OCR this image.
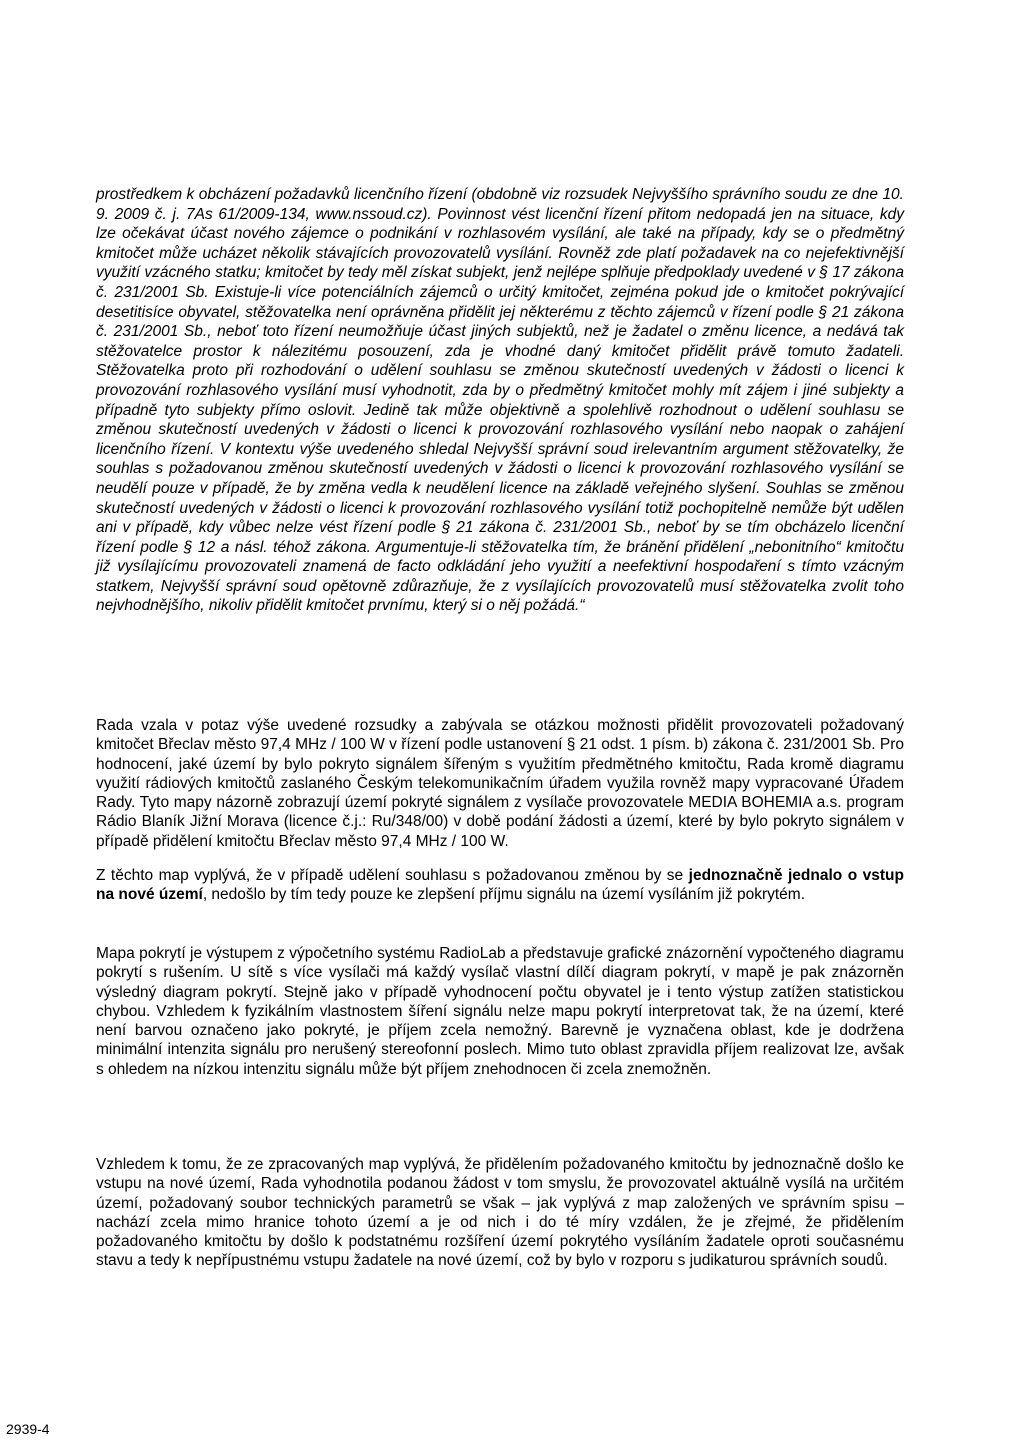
prostředkem k obcházení požadavků licenčního řízení (obdobně viz rozsudek Nejvyššího správního soudu ze dne 10. 9. 2009 č. j. 7As 61/2009-134, www.nssoud.cz). Povinnost vést licenční řízení přitom nedopadá jen na situace, kdy lze očekávat účast nového zájemce o podnikání v rozhlasovém vysílání, ale také na případy, kdy se o předmětný kmitočet může ucházet několik stávajících provozovatelů vysílání. Rovněž zde platí požadavek na co nejefektivnější využití vzácného statku; kmitočet by tedy měl získat subjekt, jenž nejlépe splňuje předpoklady uvedené v § 17 zákona č. 231/2001 Sb. Existuje-li více potenciálních zájemců o určitý kmitočet, zejména pokud jde o kmitočet pokrývající desetitisíce obyvatel, stěžovatelka není oprávněna přidělit jej některému z těchto zájemců v řízení podle § 21 zákona č. 231/2001 Sb., neboť toto řízení neumožňuje účast jiných subjektů, než je žadatel o změnu licence, a nedává tak stěžovatelce prostor k nálezitému posouzení, zda je vhodné daný kmitočet přidělit právě tomuto žadateli. Stěžovatelka proto při rozhodování o udělení souhlasu se změnou skutečností uvedených v žádosti o licenci k provozování rozhlasového vysílání musí vyhodnotit, zda by o předmětný kmitočet mohly mít zájem i jiné subjekty a případně tyto subjekty přímo oslovit. Jedině tak může objektivně a spolehlivě rozhodnout o udělení souhlasu se změnou skutečností uvedených v žádosti o licenci k provozování rozhlasového vysílání nebo naopak o zahájení licenčního řízení. V kontextu výše uvedeného shledal Nejvyšší správní soud irelevantním argument stěžovatelky, že souhlas s požadovanou změnou skutečností uvedených v žádosti o licenci k provozování rozhlasového vysílání se neudělí pouze v případě, že by změna vedla k neudělení licence na základě veřejného slyšení. Souhlas se změnou skutečností uvedených v žádosti o licenci k provozování rozhlasového vysílání totiž pochopitelně nemůže být udělen ani v případě, kdy vůbec nelze vést řízení podle § 21 zákona č. 231/2001 Sb., neboť by se tím obcházelo licenční řízení podle § 12 a násl. téhož zákona. Argumentuje-li stěžovatelka tím, že bránění přidělení „nebonitního“ kmitočtu již vysílajícímu provozovateli znamená de facto odkládání jeho využití a neefektivní hospodaření s tímto vzácným statkem, Nejvyšší správní soud opětovně zdůrazňuje, že z vysílajících provozovatelů musí stěžovatelka zvolit toho nejvhodnějšího, nikoliv přidělit kmitočet prvnímu, který si o něj požádá.“
Rada vzala v potaz výše uvedené rozsudky a zabývala se otázkou možnosti přidělit provozovateli požadovaný kmitočet Břeclav město 97,4 MHz / 100 W v řízení podle ustanovení § 21 odst. 1 písm. b) zákona č. 231/2001 Sb. Pro hodnocení, jaké území by bylo pokryto signálem šířeným s využitím předmětného kmitočtu, Rada kromě diagramu využití rádiových kmitočtů zaslaného Českým telekomunikačním úřadem využila rovněž mapy vypracované Úřadem Rady. Tyto mapy názorně zobrazují území pokryté signálem z vysílače provozovatele MEDIA BOHEMIA a.s. program Rádio Blaník Jižní Morava (licence č.j.: Ru/348/00) v době podání žádosti a území, které by bylo pokryto signálem v případě přidělení kmitočtu Břeclav město 97,4 MHz / 100 W.
Z těchto map vyplývá, že v případě udělení souhlasu s požadovanou změnou by se jednoznačně jednalo o vstup na nové území, nedošlo by tím tedy pouze ke zlepšení příjmu signálu na území vysíláním již pokrytém.
Mapa pokrytí je výstupem z výpočetního systému RadioLab a představuje grafické znázornění vypočteného diagramu pokrytí s rušením. U sítě s více vysílači má každý vysílač vlastní dílčí diagram pokrytí, v mapě je pak znázorněn výsledný diagram pokrytí. Stejně jako v případě vyhodnocení počtu obyvatel je i tento výstup zatížen statistickou chybou. Vzhledem k fyzikálním vlastnostem šíření signálu nelze mapu pokrytí interpretovat tak, že na území, které není barvou označeno jako pokryté, je příjem zcela nemožný. Barevně je vyznačena oblast, kde je dodržena minimální intenzita signálu pro nerušený stereofonní poslech. Mimo tuto oblast zpravidla příjem realizovat lze, avšak s ohledem na nízkou intenzitu signálu může být příjem znehodnocen či zcela znemožněn.
Vzhledem k tomu, že ze zpracovaných map vyplývá, že přidělením požadovaného kmitočtu by jednoznačně došlo ke vstupu na nové území, Rada vyhodnotila podanou žádost v tom smyslu, že provozovatel aktuálně vysílá na určitém území, požadovaný soubor technických parametrů se však – jak vyplývá z map založených ve správním spisu – nachází zcela mimo hranice tohoto území a je od nich i do té míry vzdálen, že je zřejmé, že přidělením požadovaného kmitočtu by došlo k podstatnému rozšíření území pokrytého vysíláním žadatele oproti současnému stavu a tedy k nepřípustnému vstupu žadatele na nové území, což by bylo v rozporu s judikaturou správních soudů.
2939-4
